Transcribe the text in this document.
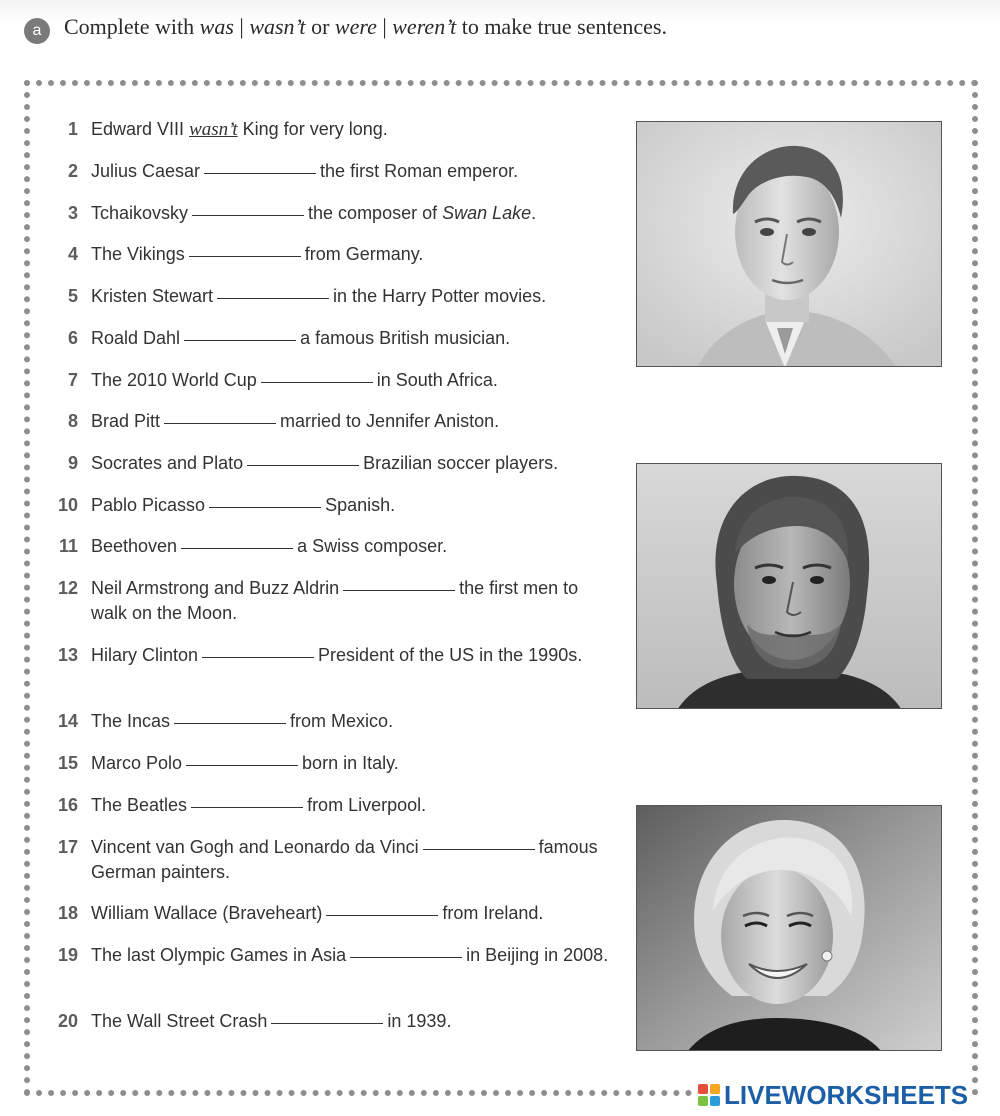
a	Complete with was | wasn’t or were | weren’t to make true sentences.
1 Edward VIII wasn’t King for very long.
2 Julius Caesar	the first Roman emperor.
3 Tchaikovsky	the composer of Swan Lake.
4 The Vikings	from Germany.
5 Kristen Stewart	in the Harry Potter movies.
6 Roald Dahl	a famous British musician.
7 The 2010 World Cup	in South Africa.
8 Brad Pitt	married to Jennifer Aniston.
9 Socrates and Plato	Brazilian soccer players.
10 Pablo Picasso	Spanish.
11 Beethoven	a Swiss composer.
12 Neil Armstrong and Buzz Aldrin	the first men to walk on the Moon.
13 Hilary Clinton	President of the US in the 1990s.
14 The Incas	from Mexico.
15 Marco Polo	born in Italy.
16 The Beatles	from Liverpool.
17 Vincent van Gogh and Leonardo da Vinci	famous German painters.
18 William Wallace (Braveheart)	from Ireland.
19 The last Olympic Games in Asia	in Beijing in 2008.
20 The Wall Street Crash	in 1939.
LIVEWORKSHEETS
